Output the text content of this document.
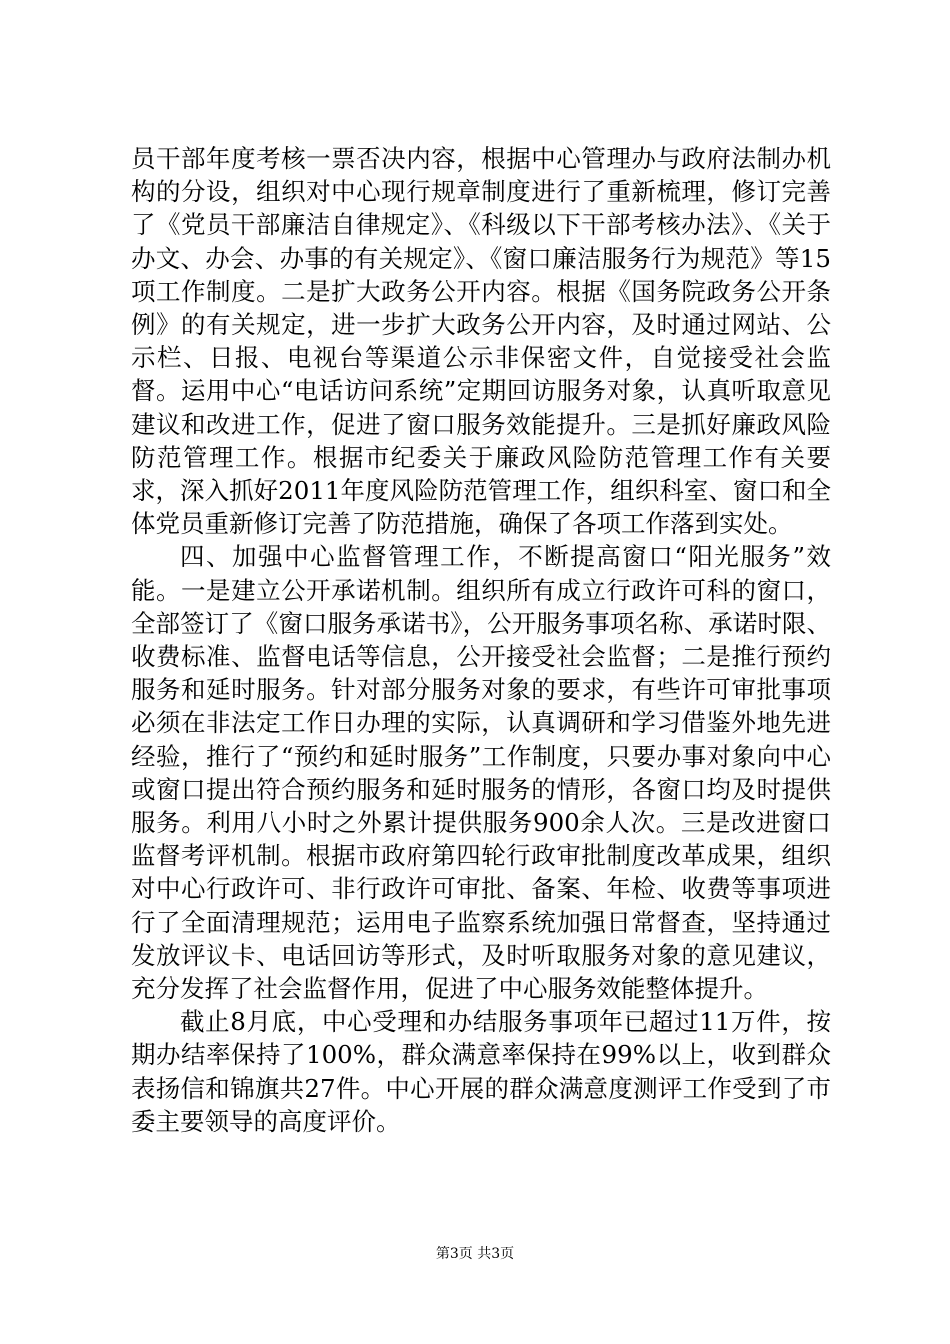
员干部年度考核一票否决内容，根据中心管理办与政府法制办机构的分设，组织对中心现行规章制度进行了重新梳理，修订完善了《党员干部廉洁自律规定》、《科级以下干部考核办法》、《关于办文、办会、办事的有关规定》、《窗口廉洁服务行为规范》等15项工作制度。二是扩大政务公开内容。根据《国务院政务公开条例》的有关规定，进一步扩大政务公开内容，及时通过网站、公示栏、日报、电视台等渠道公示非保密文件，自觉接受社会监督。运用中心“电话访问系统”定期回访服务对象，认真听取意见建议和改进工作，促进了窗口服务效能提升。三是抓好廉政风险防范管理工作。根据市纪委关于廉政风险防范管理工作有关要求，深入抓好2011年度风险防范管理工作，组织科室、窗口和全体党员重新修订完善了防范措施，确保了各项工作落到实处。

四、加强中心监督管理工作，不断提高窗口“阳光服务”效能。一是建立公开承诺机制。组织所有成立行政许可科的窗口，全部签订了《窗口服务承诺书》，公开服务事项名称、承诺时限、收费标准、监督电话等信息，公开接受社会监督；二是推行预约服务和延时服务。针对部分服务对象的要求，有些许可审批事项必须在非法定工作日办理的实际，认真调研和学习借鉴外地先进经验，推行了“预约和延时服务”工作制度，只要办事对象向中心或窗口提出符合预约服务和延时服务的情形，各窗口均及时提供服务。利用八小时之外累计提供服务900余人次。三是改进窗口监督考评机制。根据市政府第四轮行政审批制度改革成果，组织对中心行政许可、非行政许可审批、备案、年检、收费等事项进行了全面清理规范；运用电子监察系统加强日常督查，坚持通过发放评议卡、电话回访等形式，及时听取服务对象的意见建议，充分发挥了社会监督作用，促进了中心服务效能整体提升。

截止8月底，中心受理和办结服务事项年已超过11万件，按期办结率保持了100%，群众满意率保持在99%以上，收到群众表扬信和锦旗共27件。中心开展的群众满意度测评工作受到了市委主要领导的高度评价。

第3页 共3页
